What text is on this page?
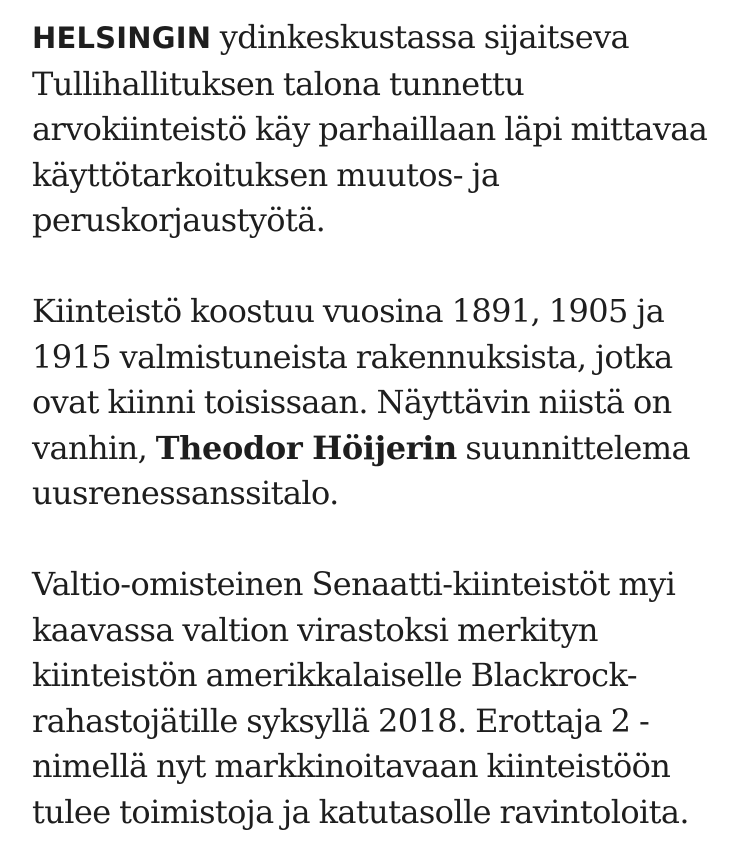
HELSINGIN ydinkeskustassa sijaitseva Tullihallituksen talona tunnettu arvokiinteistö käy parhaillaan läpi mittavaa käyttötarkoituksen muutos- ja peruskorjaustyötä.

Kiinteistö koostuu vuosina 1891, 1905 ja 1915 valmistuneista rakennuksista, jotka ovat kiinni toisissaan. Näyttävin niistä on vanhin, Theodor Höijerin suunnittelema uusrenessanssitalo.

Valtio-omisteinen Senaatti-kiinteistöt myi kaavassa valtion virastoksi merkityn kiinteistön amerikkalaiselle Blackrock-rahastojätille syksyllä 2018. Erottaja 2 -nimellä nyt markkinoitavaan kiinteistöön tulee toimistoja ja katutasolle ravintoloita.
